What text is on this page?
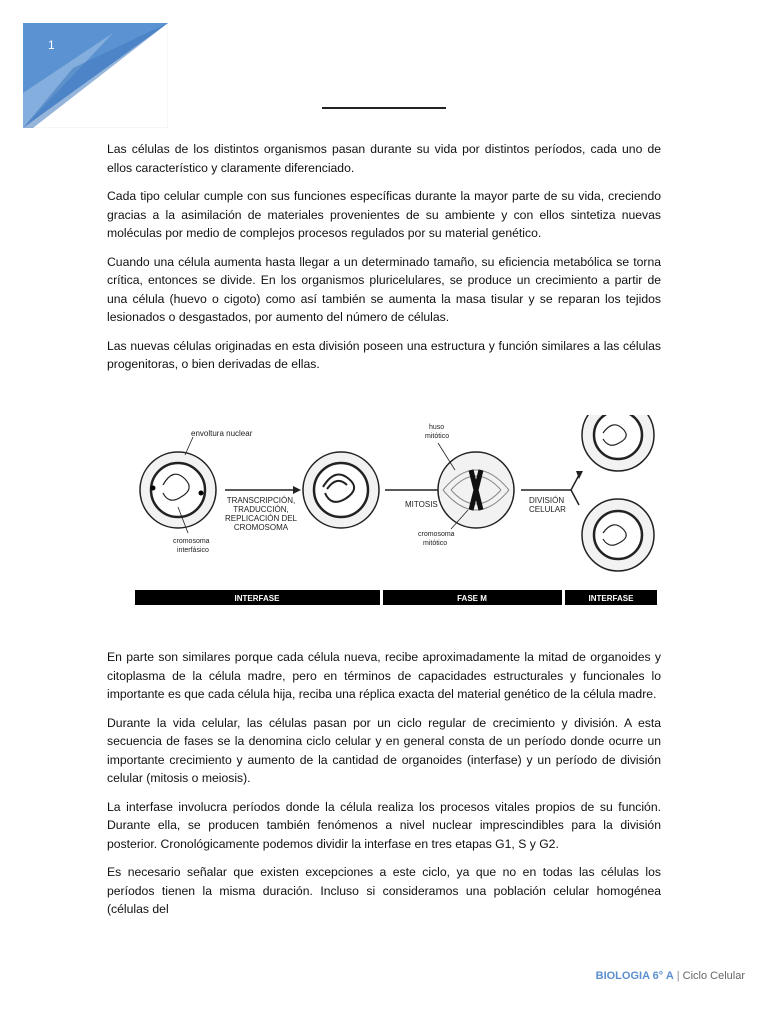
1

Las células de los distintos organismos pasan durante su vida por distintos períodos, cada uno de ellos característico y claramente diferenciado.

Cada tipo celular cumple con sus funciones específicas durante la mayor parte de su vida, creciendo gracias a la asimilación de materiales provenientes de su ambiente y con ellos sintetiza nuevas moléculas por medio de complejos procesos regulados por su material genético.

Cuando una célula aumenta hasta llegar a un determinado tamaño, su eficiencia metabólica se torna crítica, entonces se divide. En los organismos pluricelulares, se produce un crecimiento a partir de una célula (huevo o cigoto) como así también se aumenta la masa tisular y se reparan los tejidos lesionados o desgastados, por aumento del número de células.

Las nuevas células originadas en esta división poseen una estructura y función similares a las células progenitoras, o bien derivadas de ellas.

envoltura nuclear
cromosoma
interfásico
TRANSCRIPCIÓN,
TRADUCCIÓN,
REPLICACIÓN DEL
CROMOSOMA
MITOSIS
huso
mitótico
cromosoma
mitótico
DIVISIÓN
CELULAR
INTERFASE	FASE M	INTERFASE

En parte son similares porque cada célula nueva, recibe aproximadamente la mitad de organoides y citoplasma de la célula madre, pero en términos de capacidades estructurales y funcionales lo importante es que cada célula hija, reciba una réplica exacta del material genético de la célula madre.

Durante la vida celular, las células pasan por un ciclo regular de crecimiento y división. A esta secuencia de fases se la denomina ciclo celular y en general consta de un período donde ocurre un importante crecimiento y aumento de la cantidad de organoides (interfase) y un período de división celular (mitosis o meiosis).

La interfase involucra períodos donde la célula realiza los procesos vitales propios de su función. Durante ella, se producen también fenómenos a nivel nuclear imprescindibles para la división posterior. Cronológicamente podemos dividir la interfase en tres etapas G1, S y G2.

Es necesario señalar que existen excepciones a este ciclo, ya que no en todas las células los períodos tienen la misma duración. Incluso si consideramos una población celular homogénea (células del

BIOLOGIA 6° A | Ciclo Celular
